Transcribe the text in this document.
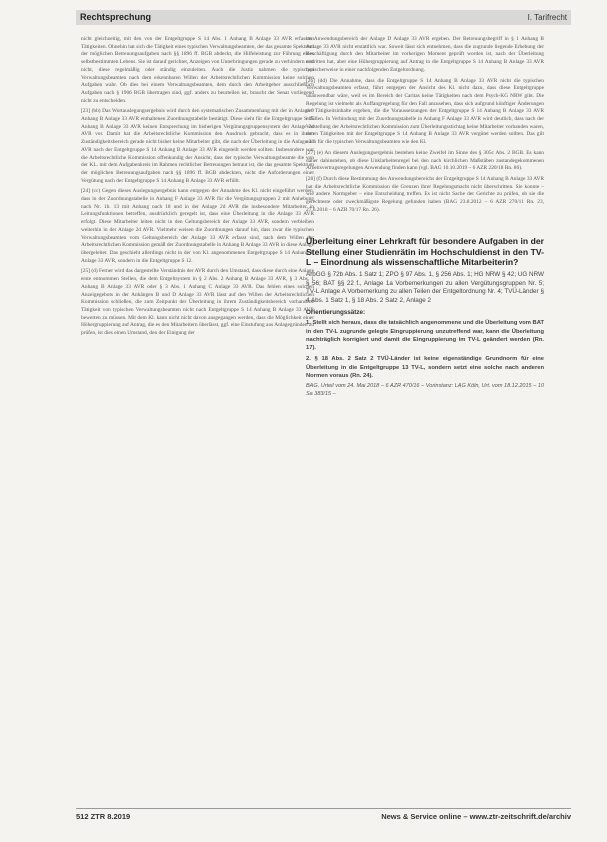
Rechtsprechung	I. Tarifrecht

nicht gleichzeitig, mit den von der Entgeltgruppe S 14 Abs. 1 Anhang B Anlage 33 AVR erfassten Tätigkeiten. Ohnehin hat sich die Tätigkeit eines typischen Verwaltungsbeamten, der das gesamte Spektrum der möglichen Betreuungsaufgaben nach §§ 1896 ff. BGB abdeckt, die Hilfeleistung zur Führung eines selbstbestimmten Lebens. Sie ist darauf gerichtet, Anzeigen von Unterbringungen gerade zu verhindern und nicht, diese regelmäßig oder ständig einzuleiten. Auch die Justiz nahmen die typischen Verwaltungsbeamten nach dem erkennbaren Willen der Arbeitsrechtlichen Kommission keine solchen Aufgaben wahr. Ob dies bei einem Verwaltungsbeamten, dem durch den Arbeitgeber ausschließlich Aufgaben nach § 1906 BGB übertragen sind, ggf. anders zu beurteilen ist, braucht der Senat vorliegend nicht zu entscheiden.

[23] (bb) Das Wortauslegungsergebnis wird durch den systematischen Zusammenhang mit der in Anlage 9 Anhang B Anlage 33 AVR enthaltenen Zuordnungstabelle bestätigt. Diese sieht für die Entgeltgruppe S 15 Anhang B Anlage 33 AVR keinen Entsprechung im bisherigen Vergütungsgruppensystem der Anlage 2d AVR vor. Damit hat die Arbeitsrechtliche Kommission den Ausdruck gebracht, dass es in ihrem Zuständigkeitsbereich gerade nicht bisher keine Mitarbeiter gibt, die nach der Überleitung in die Anlage 33 AVR nach der Entgeltgruppe S 14 Anhang B Anlage 33 AVR eingeteilt werden sollten. Insbesondere war die Arbeitsrechtliche Kommission offenkundig der Ansicht, dass der typische Verwaltungsbeamte die von der KL. mit dem Aufgabenkreis im Rahmen rechtlicher Betreuungen betraut ist, die das gesamte Spektrum der möglichen Betreuungsaufgaben nach §§ 1896 ff. BGB abdeckten, nicht die Anforderungen einer Vergütung nach der Entgeltgruppe S 14 Anhang B Anlage 33 AVR erfüllt.

[24] (cc) Gegen dieses Auslegungsergebnis kann entgegen der Annahme des Kl. nicht eingeführt werden, dass in der Zuordnungstabelle in Anhang F Anlage 33 AVR für die Vergütungsgruppen 2 mit Anhebung nach Nr. 1b. 13 mit Anhang nach 18 und in der Anlage 2d AVR die insbesondere Mitarbeiter in Leitungsfunktionen betreffen, ausdrücklich geregelt ist, dass eine Überleitung in die Anlage 33 AVR erfolgt. Diese Mitarbeiter leiten nicht in den Geltungsbereich der Anlage 33 AVR, sondern verbleiben weiterhin in der Anlage 2d AVR. Vielmehr weisen die Zuordnungen darauf hin, dass zwar die typischen Verwaltungsbeamten vom Geltungsbereich der Anlage 33 AVR erfasst sind, nach dem Willen der Arbeitsrechtlichen Kommission gemäß der Zuordnungstabelle in Anhang B Anlage 33 AVR in diese Anlage übergeleitet. Das geschieht allerdings nicht in der von Kl. angenommenen Entgeltgruppe S 14 Anhang B Anlage 33 AVR, sondern in die Entgeltgruppe S 12.

[25] (d) Ferner wird das dargestellte Verständnis der AVR durch den Umstand, dass diese durch eine Anlage erste entnommen Stellen, die dem Entgeltsystem in § 2 Abs. 2 Anhang B Anlage 33 AVR, § 3 Abs. 1 Anhang B Anlage 33 AVR oder § 3 Abs. 1 Anhang C Anlage 33 AVR. Das fehlen eines solchen Anzeigegebots in der Anhängen B und D Anlage 33 AVR lässt auf den Willen der Arbeitsrechtlichen Kommission schließen, die zum Zeitpunkt der Überleitung in ihrem Zuständigkeitsbereich vorhandene Tätigkeit von typischen Verwaltungsbeamten nicht nach Entgeltgruppe S 14 Anhang B Anlage 33 AVR bewerten zu müssen. Mit dem Kl. kann nicht nicht davon ausgegangen werden, dass die Möglichkeit einer Höhergruppierung auf Antrag, die es den Mitarbeitern überlässt, ggf. eine Einstufung aus Anlagegründen zu prüfen, ist dies einen Umstand, den der Einigung der

im Anwendungsbereich der Anlage D Anlage 33 AVR ergeben. Der Betreuungsbegriff in § 1 Anhang B Anlage 33 AVR nicht erstattlich war. Soweit lässt sich entnehmen, dass die zugrunde liegende Erhebung der Beschäftigung durch den Mitarbeiter im vorherigen Moment geprüft worden ist, nach der Überleitung erstritten hat, aber eine Höhergruppierung auf Antrag in die Entgeltgruppe S 14 Anhang B Anlage 33 AVR typischerweise in einer nachfolgenden Entgeltordnung.

[26] (dd) Die Annahme, dass die Entgeltgruppe S 14 Anhang B Anlage 33 AVR nicht die typischen Verwaltungsbeamten erfasst, führt entgegen der Ansicht des Kl. nicht dazu, dass diese Entgeltgruppe unanwendbar wäre, weil es im Bereich der Caritas keine Tätigkeiten nach dem Psych-KG NRW gibt. Die Regelung ist vielmehr als Auffangregelung für den Fall anzusehen, dass sich aufgrund künftiger Änderungen der Tätigkeitsinhalte ergeben, die die Voraussetzungen der Entgeltgruppe S 14 Anhang B Anlage 33 AVR erfüllen. In Verbindung mit der Zuordnungstabelle in Anhang F Anlage 33 AVR wird deutlich, dass nach der Vorstellung der Arbeitsrechtlichen Kommission zum Überleitungsstichtag keine Mitarbeiter vorhanden waren, deren Tätigkeiten mit der Entgeltgruppe S 14 Anhang B Anlage 33 AVR vergütet werden sollten. Das gilt auch für die typischen Verwaltungsbeamten wie den Kl.

[27] (e) An diesem Auslegungsergebnis bestehen keine Zweifel im Sinne des § 305c Abs. 2 BGB. Es kann daher dahinstehen, ob diese Unklarheitenregel bei den nach kirchlichen Maßstäben zustandegekommenen Arbeitsvertragsregelungen Anwendung finden kann (vgl. BAG 10.10.2019 – 6 AZR 220/18 Rn. 86).

[28] (f) Durch diese Bestimmung des Anwendungsbereichs der Entgeltgruppe S 14 Anhang B Anlage 33 AVR hat die Arbeitsrechtliche Kommission die Grenzen ihrer Regelungsmacht nicht überschritten. Sie konnte – wie andere Normgeber – eine Entscheidung treffen. Es ist nicht Sache der Gerichte zu prüfen, ob sie die gerechteste oder zweckmäßigste Regelung gefunden haben (BAG 23.8.2012 – 6 AZR 270/11 Rn. 23, 27.6.2018 – 6 AZR 70/17 Rn. 26).

Überleitung einer Lehrkraft für besondere Aufgaben in der Stellung einer Studienrätin im Hochschuldienst in den TV-L – Einordnung als wissenschaftliche Mitarbeiterin?

ArbGG § 72b Abs. 1 Satz 1; ZPO § 97 Abs. 1, § 256 Abs. 1; HG NRW § 42; UG NRW § 56; BAT §§ 22 f., Anlage 1a Vorbemerkungen zu allen Vergütungsgruppen Nr. 5; TV-L Anlage A Vorbemerkung zu allen Teilen der Entgeltordnung Nr. 4; TVÜ-Länder § 4 Abs. 1 Satz 1, § 18 Abs. 2 Satz 2, Anlage 2

Orientierungssätze:

1. Stellt sich heraus, dass die tatsächlich angenommene und die Überleitung vom BAT in den TV-L zugrunde gelegte Eingruppierung unzutreffend war, kann die Überleitung nachträglich korrigiert und damit die Eingruppierung im TV-L geändert werden (Rn. 17).

2. § 18 Abs. 2 Satz 2 TVÜ-Länder ist keine eigenständige Grundnorm für eine Überleitung in die Entgeltgruppe 13 TV-L, sondern setzt eine solche nach anderen Normen voraus (Rn. 24).

BAG, Urteil vom 24. Mai 2018 – 6 AZR 470/16 – Vorinstanz: LAG Köln, Urt. vom 18.12.2015 – 10 Sa 383/15 –

512 ZTR 8.2019	News & Service online – www.ztr-zeitschrift.de/archiv
